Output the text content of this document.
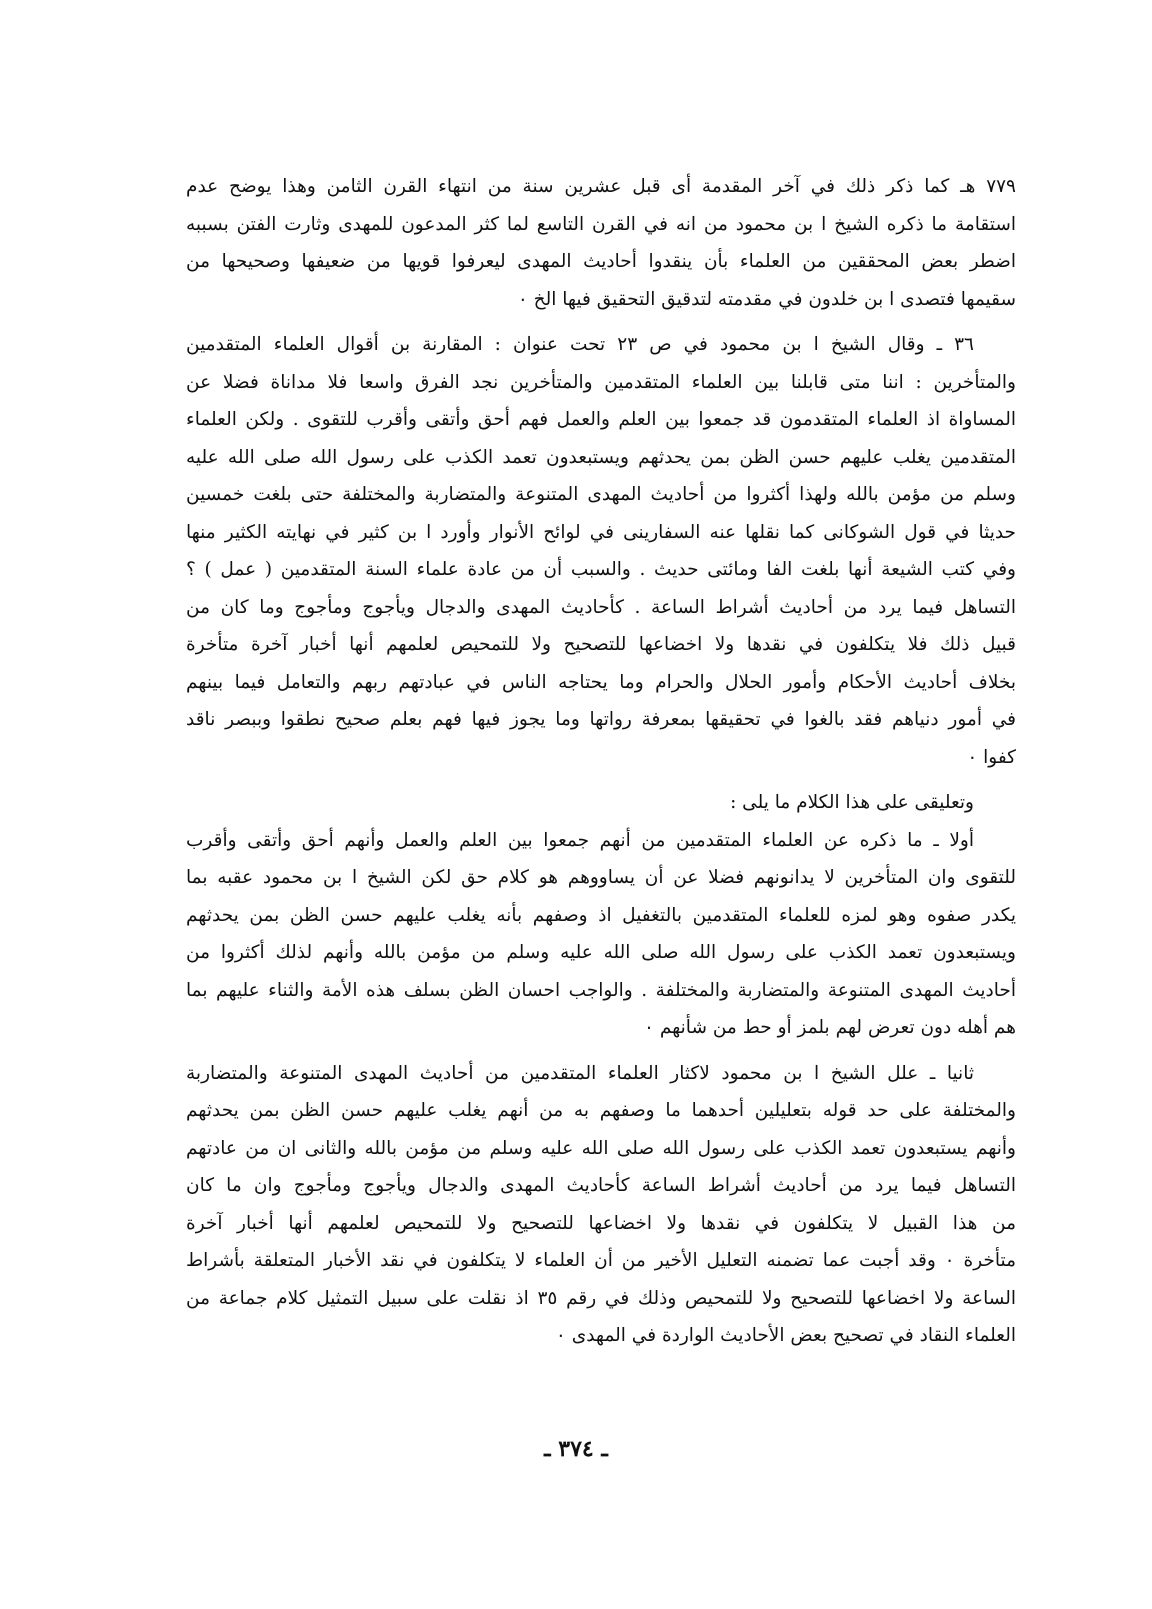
٧٧٩ هـ كما ذكر ذلك في آخر المقدمة أى قبل عشرين سنة من انتهاء القرن الثامن وهذا يوضح عدم
استقامة ما ذكره الشيخ ا بن محمود من انه في القرن التاسع لما كثر المدعون للمهدى وثارت الفتن بسببه
اضطر بعض المحققين من العلماء بأن ينقدوا أحاديث المهدى ليعرفوا قويها من ضعيفها وصحيحها من
سقيمها فتصدى ا بن خلدون في مقدمته لتدقيق التحقيق فيها الخ ٠
٣٦ ـ وقال الشيخ ا بن محمود في ص ٢٣ تحت عنوان : المقارنة بن أقوال العلماء المتقدمين
والمتأخرين : اننا متى قابلنا بين العلماء المتقدمين والمتأخرين نجد الفرق واسعا فلا مداناة فضلا عن
المساواة اذ العلماء المتقدمون قد جمعوا بين العلم والعمل فهم أحق وأتقى وأقرب للتقوى . ولكن العلماء
المتقدمين يغلب عليهم حسن الظن بمن يحدثهم ويستبعدون تعمد الكذب على رسول الله صلى الله عليه
وسلم من مؤمن بالله ولهذا أكثروا من أحاديث المهدى المتنوعة والمتضاربة والمختلفة حتى بلغت خمسين
حديثا في قول الشوكانى كما نقلها عنه السفارينى في لوائح الأنوار وأورد ا بن كثير في نهايته الكثير منها
وفي كتب الشيعة أنها بلغت الفا ومائتى حديث . والسبب أن من عادة علماء السنة المتقدمين ( عمل ) ؟
التساهل فيما يرد من أحاديث أشراط الساعة . كأحاديث المهدى والدجال ويأجوج ومأجوج وما كان من
قبيل ذلك فلا يتكلفون في نقدها ولا اخضاعها للتصحيح ولا للتمحيص لعلمهم أنها أخبار آخرة متأخرة
بخلاف أحاديث الأحكام وأمور الحلال والحرام وما يحتاجه الناس في عبادتهم ربهم والتعامل فيما بينهم
في أمور دنياهم فقد بالغوا في تحقيقها بمعرفة رواتها وما يجوز فيها فهم بعلم صحيح نطقوا وببصر ناقد
كفوا ٠
وتعليقى على هذا الكلام ما يلى :
أولا ـ ما ذكره عن العلماء المتقدمين من أنهم جمعوا بين العلم والعمل وأنهم أحق وأتقى وأقرب
للتقوى وان المتأخرين لا يدانونهم فضلا عن أن يساووهم هو كلام حق لكن الشيخ ا بن محمود عقبه بما
يكدر صفوه وهو لمزه للعلماء المتقدمين بالتغفيل اذ وصفهم بأنه يغلب عليهم حسن الظن بمن يحدثهم
ويستبعدون تعمد الكذب على رسول الله صلى الله عليه وسلم من مؤمن بالله وأنهم لذلك أكثروا من
أحاديث المهدى المتنوعة والمتضاربة والمختلفة . والواجب احسان الظن بسلف هذه الأمة والثناء عليهم بما
هم أهله دون تعرض لهم بلمز أو حط من شأنهم ٠
ثانيا ـ علل الشيخ ا بن محمود لاكثار العلماء المتقدمين من أحاديث المهدى المتنوعة والمتضاربة
والمختلفة على حد قوله بتعليلين أحدهما ما وصفهم به من أنهم يغلب عليهم حسن الظن بمن يحدثهم
وأنهم يستبعدون تعمد الكذب على رسول الله صلى الله عليه وسلم من مؤمن بالله والثانى ان من عادتهم
التساهل فيما يرد من أحاديث أشراط الساعة كأحاديث المهدى والدجال ويأجوج ومأجوج وان ما كان
من هذا القبيل لا يتكلفون في نقدها ولا اخضاعها للتصحيح ولا للتمحيص لعلمهم أنها أخبار آخرة
متأخرة ٠ وقد أجبت عما تضمنه التعليل الأخير من أن العلماء لا يتكلفون في نقد الأخبار المتعلقة بأشراط
الساعة ولا اخضاعها للتصحيح ولا للتمحيص وذلك في رقم ٣٥ اذ نقلت على سبيل التمثيل كلام جماعة من
العلماء النقاد في تصحيح بعض الأحاديث الواردة في المهدى ٠
ـ ٣٧٤ ـ
